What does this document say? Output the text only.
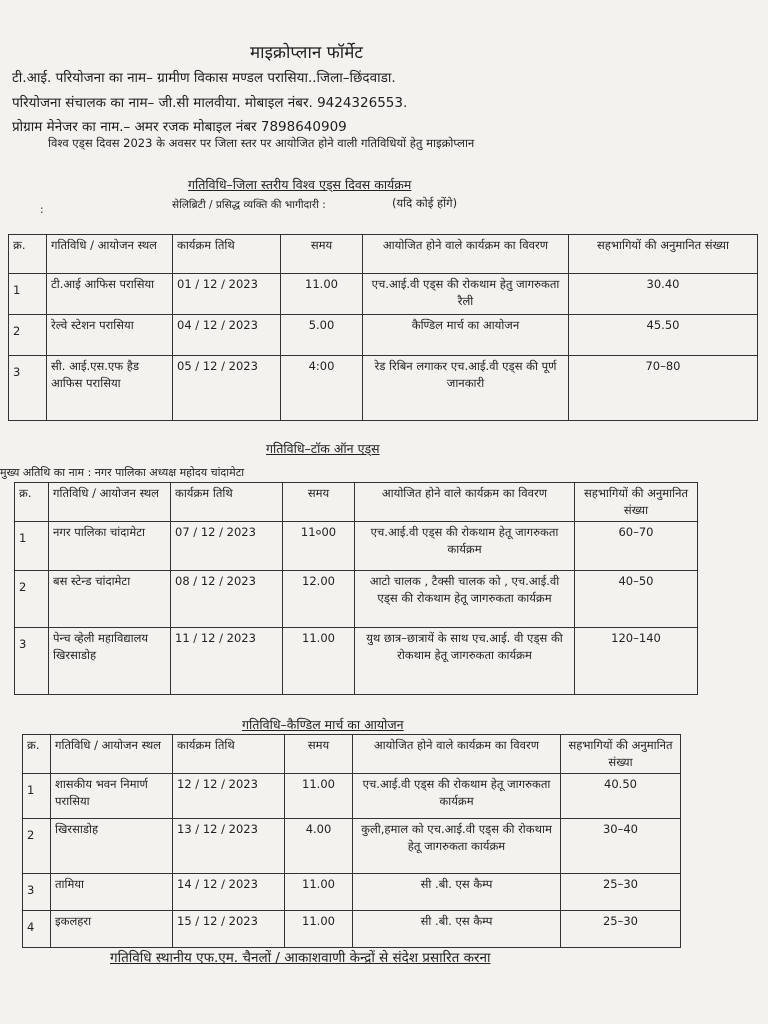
माइक्रोप्लान फॉर्मेट
टी.आई. परियोजना का नाम– ग्रामीण विकास मण्डल परासिया..जिला–छिंदवाडा.
परियोजना संचालक का नाम– जी.सी मालवीया. मोबाइल नंबर. 9424326553.
प्रोग्राम मेनेजर का नाम.– अमर रजक मोबाइल नंबर 7898640909
विश्व एड्स दिवस 2023 के अवसर पर जिला स्तर पर आयोजित होने वाली गतिविधियों हेतु माइक्रोप्लान
गतिविधि–जिला स्तरीय विश्व एड्स दिवस कार्यक्रम
:	सेलिब्रिटी / प्रसिद्ध व्यक्ति की भागीदारी :	(यदि कोई होंगे)
क्र.	गतिविधि / आयोजन स्थल	कार्यक्रम तिथि	समय	आयोजित होने वाले कार्यक्रम का विवरण	सहभागियों की अनुमानित संख्या
1	टी.आई आफिस परासिया	01 / 12 / 2023	11.00	एच.आई.वी एड्स की रोकथाम हेतु जागरुकता रैली	30.40
2	रेल्वे स्टेशन परासिया	04 / 12 / 2023	5.00	कैण्डिल मार्च का आयोजन	45.50
3	सी. आई.एस.एफ हैड आफिस परासिया	05 / 12 / 2023	4:00	रेड रिबिन लगाकर एच.आई.वी एड्स की पूर्ण जानकारी	70–80
गतिविधि–टॉक ऑन एड्स
मुख्य अतिथि का नाम : नगर पालिका अध्यक्ष महोदय चांदामेटा
क्र.	गतिविधि / आयोजन स्थल	कार्यक्रम तिथि	समय	आयोजित होने वाले कार्यक्रम का विवरण	सहभागियों की अनुमानित संख्या
1	नगर पालिका चांदामेटा	07 / 12 / 2023	11०00	एच.आई.वी एड्स की रोकथाम हेतू जागरुकता कार्यक्रम	60–70
2	बस स्टेन्ड चांदामेटा	08 / 12 / 2023	12.00	आटो चालक , टैक्सी चालक को , एच.आई.वी एड्स की रोकथाम हेतू जागरुकता कार्यक्रम	40–50
3	पेन्च व्हेली महाविद्यालय खिरसाडोह	11 / 12 / 2023	11.00	युथ छात्र–छात्रायें के साथ एच.आई. वी एड्स की रोकथाम हेतू जागरुकता कार्यक्रम	120–140
गतिविधि–कैण्डिल मार्च का आयोजन
क्र.	गतिविधि / आयोजन स्थल	कार्यक्रम तिथि	समय	आयोजित होने वाले कार्यक्रम का विवरण	सहभागियों की अनुमानित संख्या
1	शासकीय भवन निमार्ण परासिया	12 / 12 / 2023	11.00	एच.आई.वी एड्स की रोकथाम हेतू जागरुकता कार्यक्रम	40.50
2	खिरसाडोह	13 / 12 / 2023	4.00	कुली,हमाल को एच.आई.वी एड्स की रोकथाम हेतू जागरुकता कार्यक्रम	30–40
3	तामिया	14 / 12 / 2023	11.00	सी .बी. एस कैम्प	25–30
4	इकलहरा	15 / 12 / 2023	11.00	सी .बी. एस कैम्प	25–30
गतिविधि स्थानीय एफ.एम. चैनलों / आकाशवाणी केन्द्रों से संदेश प्रसारित करना
